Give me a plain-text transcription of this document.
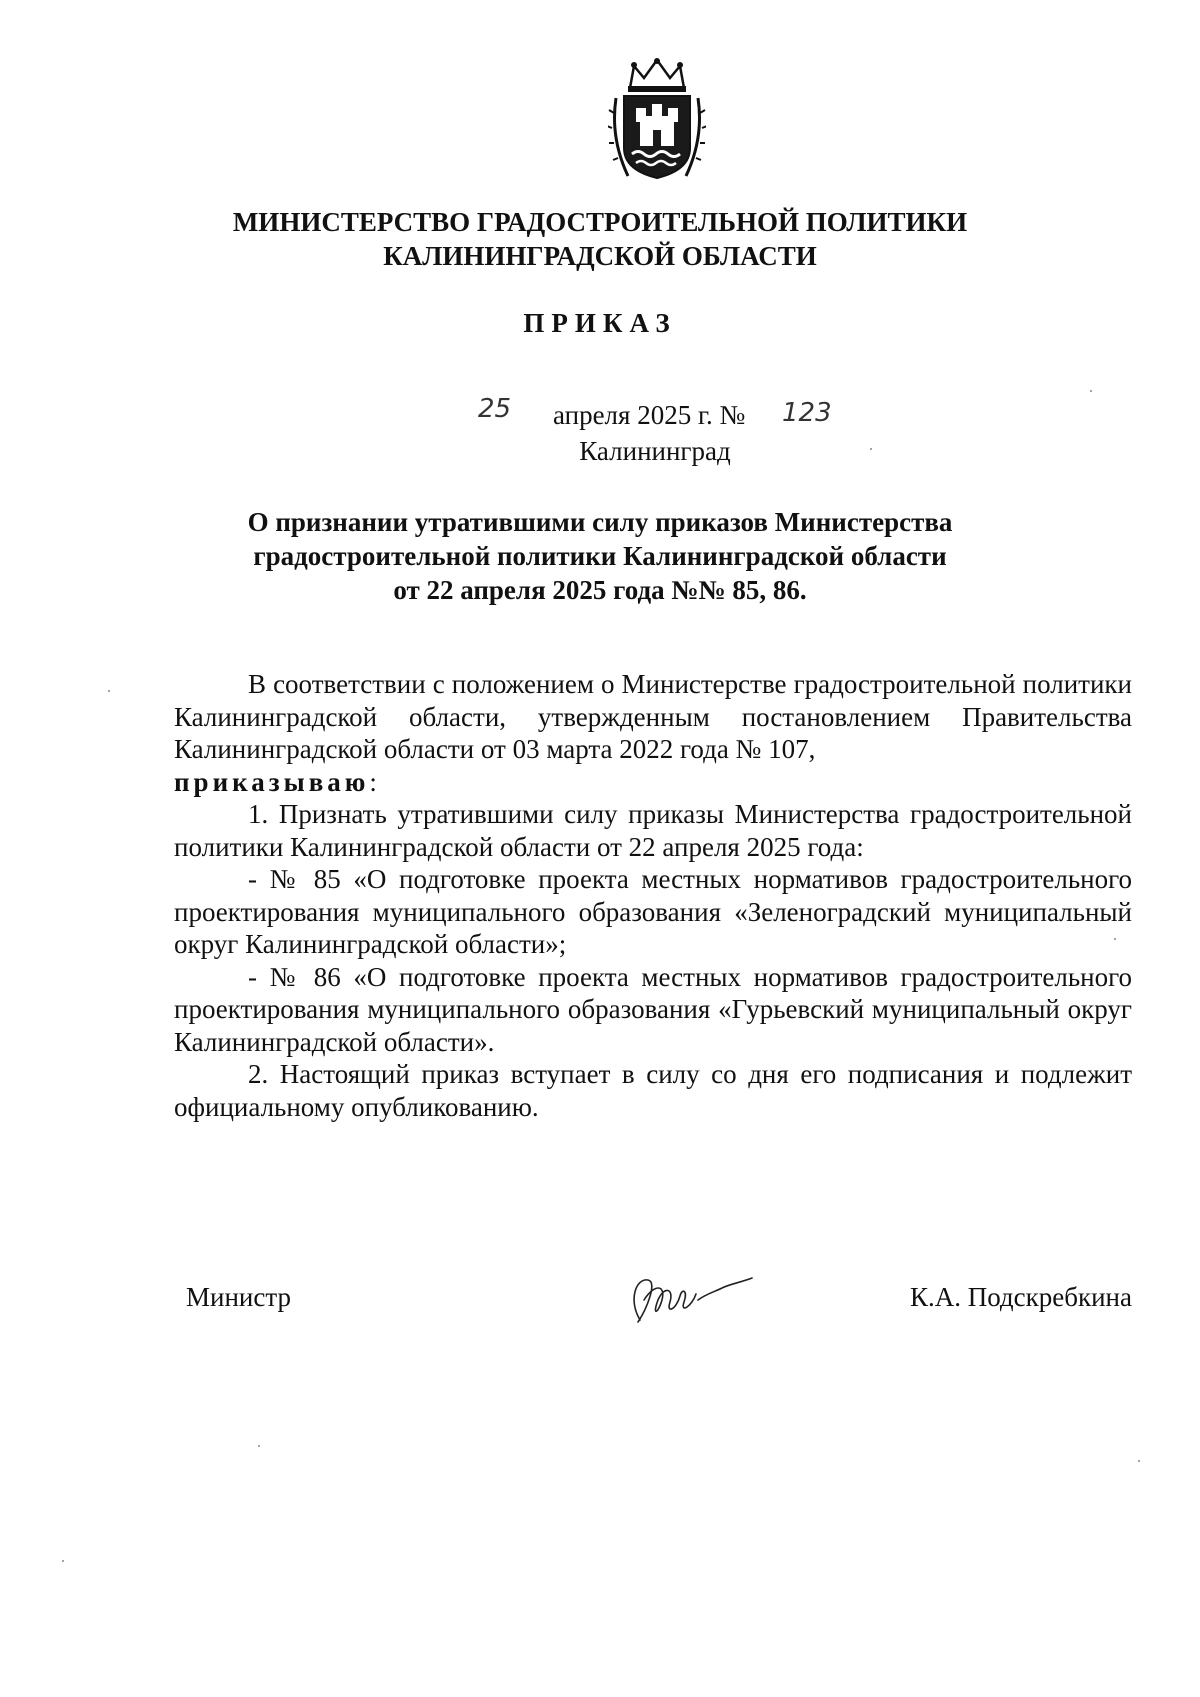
МИНИСТЕРСТВО ГРАДОСТРОИТЕЛЬНОЙ ПОЛИТИКИ
КАЛИНИНГРАДСКОЙ ОБЛАСТИ
ПРИКАЗ
25 апреля 2025 г. № 123
Калининград
О признании утратившими силу приказов Министерства
градостроительной политики Калининградской области
от 22 апреля 2025 года №№ 85, 86.

В соответствии с положением о Министерстве градостроительной политики Калининградской области, утвержденным постановлением Правительства Калининградской области от 03 марта 2022 года № 107,
приказываю:

1. Признать утратившими силу приказы Министерства градостроительной политики Калининградской области от 22 апреля 2025 года:

- № 85 «О подготовке проекта местных нормативов градостроительного проектирования муниципального образования «Зеленоградский муниципальный округ Калининградской области»;

- № 86 «О подготовке проекта местных нормативов градостроительного проектирования муниципального образования «Гурьевский муниципальный округ Калининградской области».

2. Настоящий приказ вступает в силу со дня его подписания и подлежит официальному опубликованию.

Министр	К.А. Подскребкина
